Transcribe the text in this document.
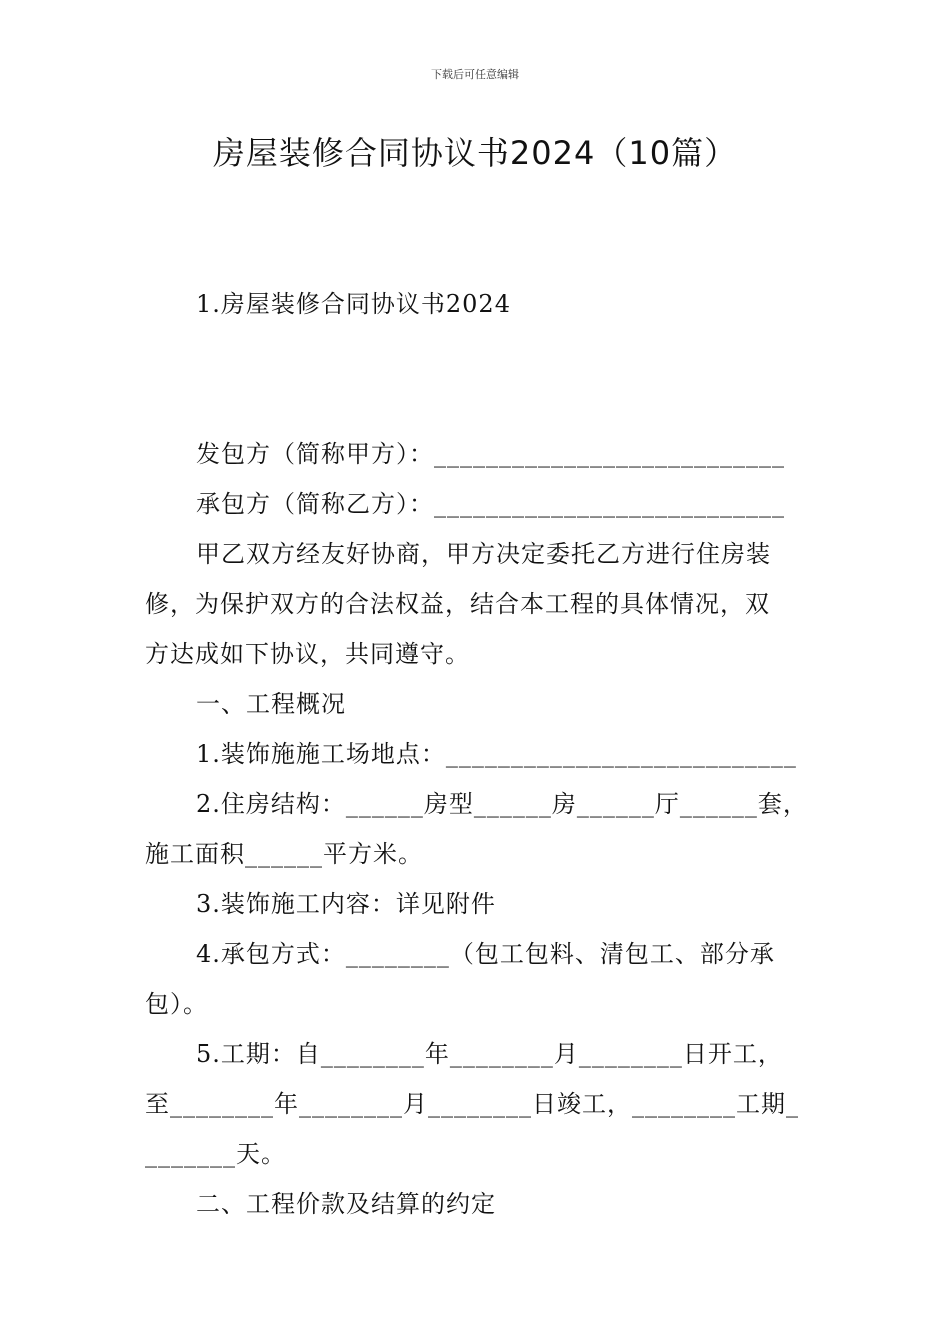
下载后可任意编辑
房屋装修合同协议书2024（10篇）
1.房屋装修合同协议书2024
发包方（简称甲方）：___________________________
承包方（简称乙方）：___________________________
甲乙双方经友好协商，甲方决定委托乙方进行住房装
修，为保护双方的合法权益，结合本工程的具体情况，双
方达成如下协议，共同遵守。
一、工程概况
1.装饰施施工场地点：___________________________
2.住房结构：______房型______房______厅______套，
施工面积______平方米。
3.装饰施工内容：详见附件
4.承包方式：________（包工包料、清包工、部分承
包）。
5.工期：自________年________月________日开工，
至________年________月________日竣工，________工期_
_______天。
二、工程价款及结算的约定
